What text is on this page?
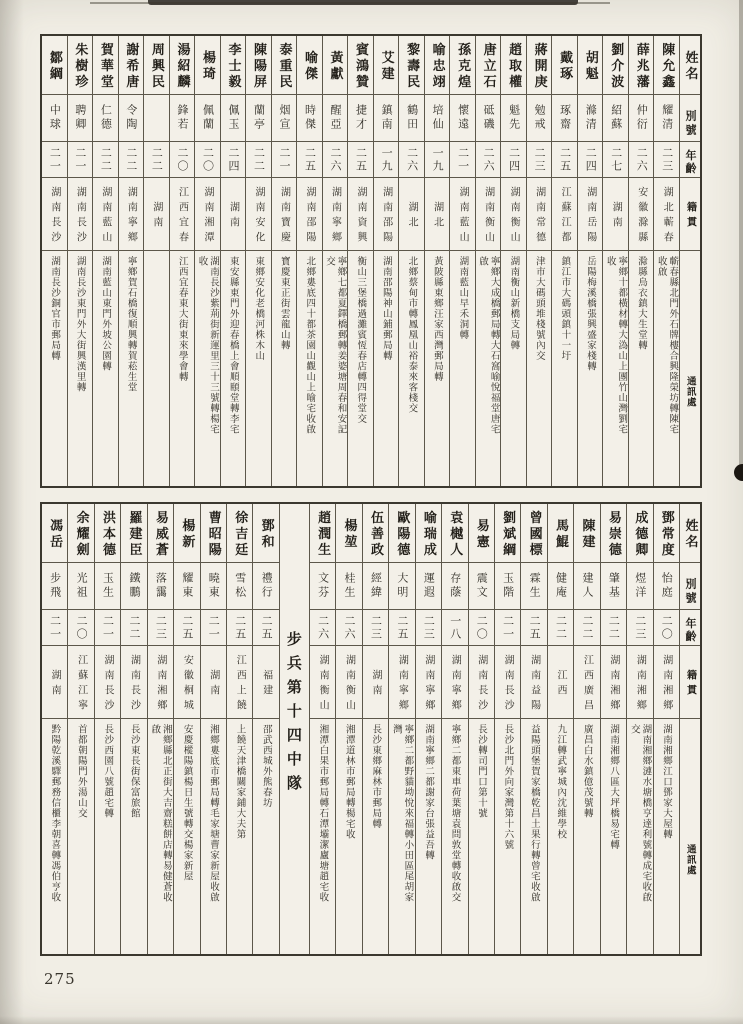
姓名
別號
年齡
籍貫
通訊處
陳允鑫
耀清
二三
湖北蘄春
蘄春縣北門外石牌樓合興隆榮坊轉陳宅收啟
薛兆藩
仲衍
二六
安徽滁縣
滁縣烏衣鎮大生堂轉
劉介波
紹蘇
二七
湖南
寧鄉十都橫材轉大溈山上團竹山灣劉宅收
胡魁
滌清
二四
湖南岳陽
岳陽梅溪橋張興盛家棧轉
戴琢
琢齋
二五
江蘇江都
鎮江市大碼頭鎮十一圩
蔣開庚
勉戒
二三
湖南常德
津市大碼頭堆棧號內交
趙取權
魁先
二四
湖南衡山
湖南衡山新橋支局轉
唐立石
砥磯
二六
湖南衡山
寧鄉大成橋郵局轉大石窩喻悅福堂唐宅啟
孫克煌
懷遠
二一
湖南藍山
湖南藍山早禾洞轉
喻忠翊
培仙
一九
湖北
黃陂縣東鄉汪家西灣郵局轉
黎壽民
鶴田
二六
湖北
北鄉蔡甸市轉鳳凰山裕泰來客棧交
艾建
鎮南
一九
湖南邵陽
湖南邵陽神山鋪郵局轉
賓鴻贊
捷才
二五
湖南資興
衡山三堡橋過灘賓恆春店轉四得堂交
黃獻
醒亞
二六
湖南寧鄉
寧鄉七都夏鐸橋郵轉姜婆塘周春和安記交
喻傑
時傑
二五
湖南邵陽
北鄉婁底四十都茶園山觀山上喻宅收啟
泰重民
烟宣
二一
湖南寶慶
寶慶東正街雲龍山轉
陳陽屏
蘭亭
二二
湖南安化
東鄉安化老橋河株木山
李士毅
佩玉
二四
湖南
東安縣東門外迎春橋上會順頤堂轉李宅
楊琦
佩蘭
二〇
湖南湘潭
湖南長沙紫荊街新運里三十三號轉楊宅收
湯紹麟
鋒若
二〇
江西宜春
江西宜春東大街東來學會轉
周興民
二二
湖南
謝希唐
令陶
二二
湖南寧鄉
寧鄉賀石橋復順興轉賀菘生堂
賀華堂
仁德
二二
湖南藍山
湖南藍山東門外坡公園轉
朱樹珍
聘卿
二一
湖南長沙
湖南長沙東門外大街興漢里轉
鄒綱
中球
二一
湖南長沙
湖南長沙銅官市郵局轉
姓名
別號
年齡
籍貫
通訊處
鄧常度
怡庭
二〇
湖南湘鄉
湖南湘鄉江口鄧家大屋轉
成德卿
煜洋
二三
湖南湘鄉
湖南湘鄉漣水塘橋亨達利號轉成宅收啟交
易崇德
肇基
二二
湖南湘鄉
湖南湘鄉八區大坪橋易宅轉
陳建
建人
二二
江西廣昌
廣昌白水鎮億茂號轉
馬鯤
健庵
二二
江西
九江轉武寧城內沈維學校
曾國標
霖生
二五
湖南益陽
益陽頭堡賀家橋乾昌土果行轉曾宅收啟
劉斌綱
玉階
二一
湖南長沙
長沙北門外向家灣第十六號
易憲
震文
二〇
湖南長沙
長沙轉司門口第十號
袁樾人
存蔭
一八
湖南寧鄉
寧鄉二都東車荷葉塘袁問敦堂轉收啟交
喻瑞成
運遐
二三
湖南寧鄉
湖南寧鄉二都謝家台張益吾轉
歐陽德
大明
二五
湖南寧鄉
寧鄉二都野貓坳悅來福轉小田區尾胡家灣
伍善政
經緯
二三
湖南
長沙東鄉麻林市郵局轉
楊堃
桂生
二六
湖南衡山
湘潭道林市郵局轉楊宅收
趙潤生
文芬
二六
湖南衡山
湘潭白果市郵局轉石潭壩潔廬塘趙宅收
步兵第十四中隊
鄧和
禮行
二五
福建
邵武西城外熊春坊
徐吉廷
雪松
二五
江西上饒
上饒天津橋關家鋪大夫第
曹昭陽
曉東
二一
湖南
湘鄉婁底市郵局轉毛家塘曹家新屋收啟
楊新
耀東
二五
安徽桐城
安慶樅陽鎮楊日生號轉交楊家新屋
易威蒼
落靄
二三
湖南湘鄉
湘鄉縣北正街大吉齋糕餅店轉易健蒼收啟
羅建臣
鐵鵬
二二
湖南長沙
長沙東長街保富旅館
洪本德
玉生
二一
湖南長沙
長沙西園八號趙宅轉
余耀劍
光祖
二〇
江蘇江寧
首都朝陽門外湯山交
馮岳
步飛
二一
湖南
黔陽乾溪驛郵務信櫃李朝喜轉馮伯亨收
275
